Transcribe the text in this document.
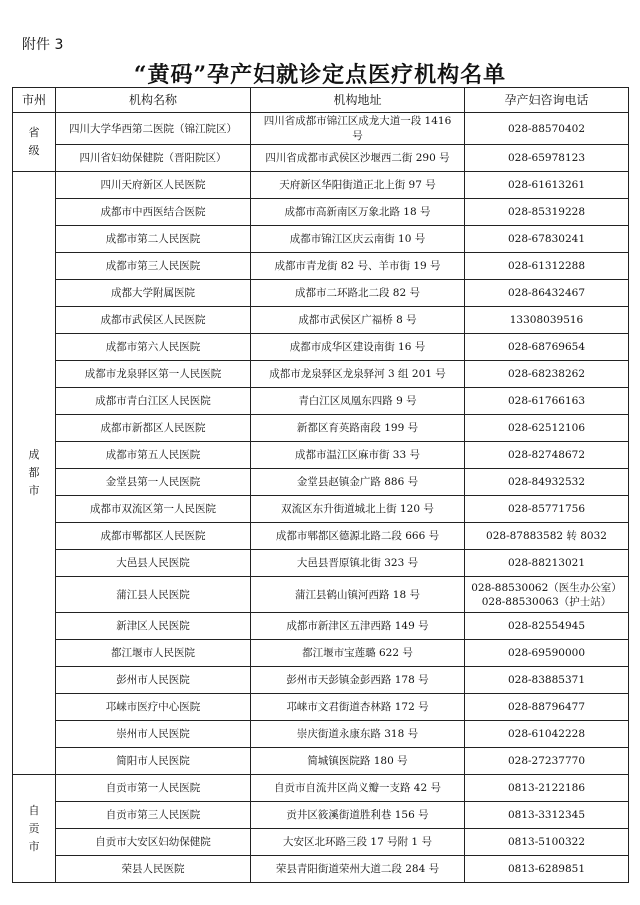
附件 3
“黄码”孕产妇就诊定点医疗机构名单
市州	机构名称	机构地址	孕产妇咨询电话
省级	四川大学华西第二医院（锦江院区）	四川省成都市锦江区成龙大道一段 1416 号	028-88570402
	四川省妇幼保健院（晋阳院区）	四川省成都市武侯区沙堰西二街 290 号	028-65978123
成都市	四川天府新区人民医院	天府新区华阳街道正北上街 97 号	028-61613261
	成都市中西医结合医院	成都市高新南区万象北路 18 号	028-85319228
	成都市第二人民医院	成都市锦江区庆云南街 10 号	028-67830241
	成都市第三人民医院	成都市青龙街 82 号、羊市街 19 号	028-61312288
	成都大学附属医院	成都市二环路北二段 82 号	028-86432467
	成都市武侯区人民医院	成都市武侯区广福桥 8 号	13308039516
	成都市第六人民医院	成都市成华区建设南街 16 号	028-68769654
	成都市龙泉驿区第一人民医院	成都市龙泉驿区龙泉驿河 3 组 201 号	028-68238262
	成都市青白江区人民医院	青白江区凤凰东四路 9 号	028-61766163
	成都市新都区人民医院	新都区育英路南段 199 号	028-62512106
	成都市第五人民医院	成都市温江区麻市街 33 号	028-82748672
	金堂县第一人民医院	金堂县赵镇金广路 886 号	028-84932532
	成都市双流区第一人民医院	双流区东升街道城北上街 120 号	028-85771756
	成都市郫都区人民医院	成都市郫都区德源北路二段 666 号	028-87883582 转 8032
	大邑县人民医院	大邑县晋原镇北街 323 号	028-88213021
	蒲江县人民医院	蒲江县鹤山镇河西路 18 号	028-88530062（医生办公室）
028-88530063（护士站）

	新津区人民医院	成都市新津区五津西路 149 号	028-82554945
	都江堰市人民医院	都江堰市宝莲璐 622 号	028-69590000
	彭州市人民医院	彭州市天彭镇金彭西路 178 号	028-83885371
	邛崃市医疗中心医院	邛崃市文君街道杏林路 172 号	028-88796477
	崇州市人民医院	崇庆街道永康东路 318 号	028-61042228
	简阳市人民医院	简城镇医院路 180 号	028-27237770
自贡市	自贡市第一人民医院	自贡市自流井区尚义瓣一支路 42 号	0813-2122186
	自贡市第三人民医院	贡井区筱溪街道胜利巷 156 号	0813-3312345
	自贡市大安区妇幼保健院	大安区北环路三段 17 号附 1 号	0813-5100322
	荣县人民医院	荣县青阳街道荣州大道二段 284 号	0813-6289851
